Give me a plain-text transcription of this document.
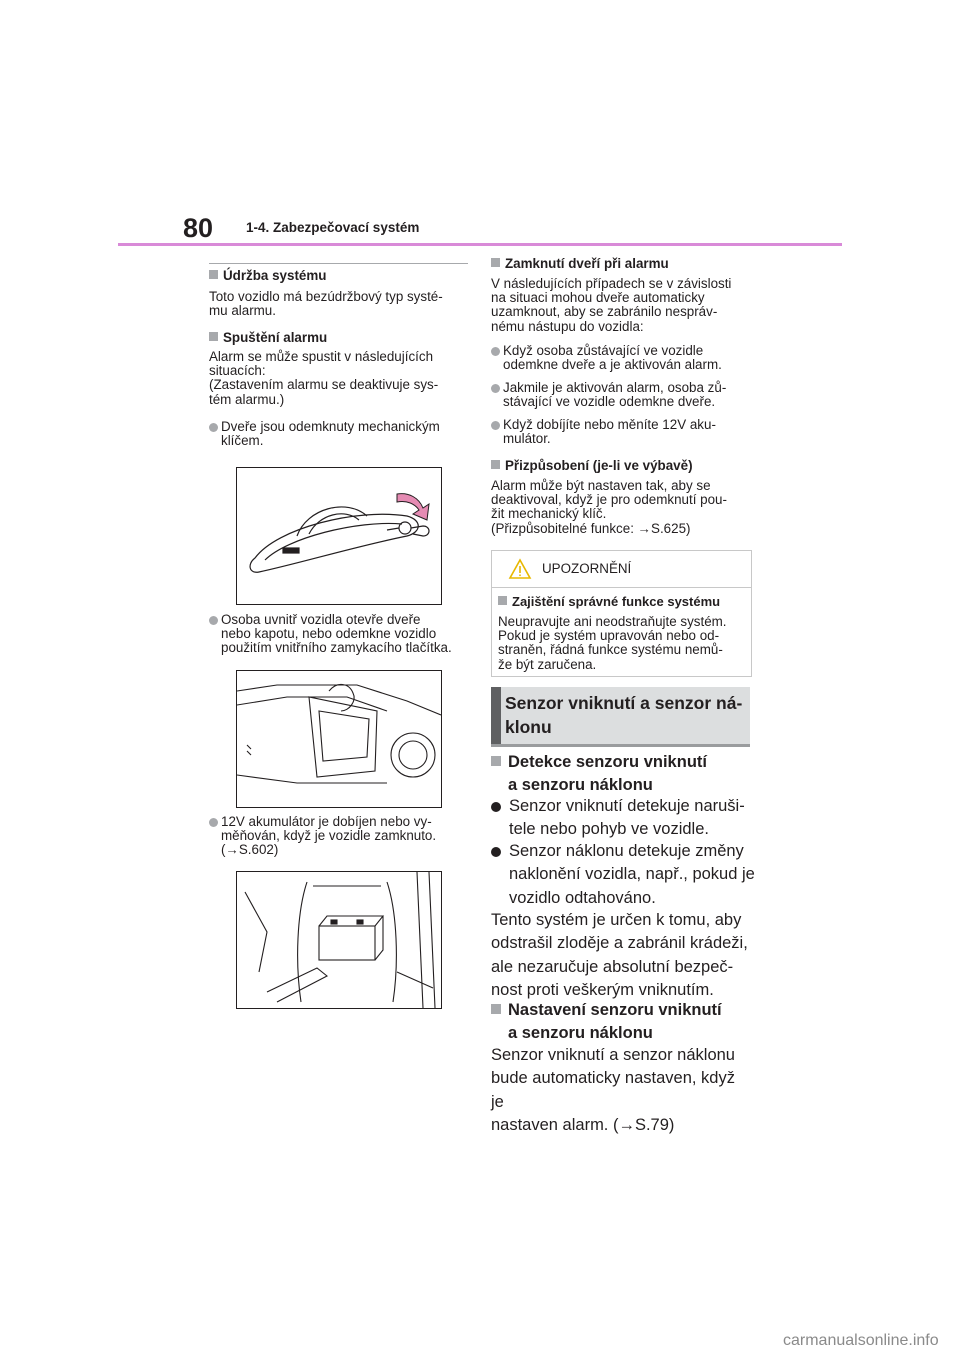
80 1-4. Zabezpečovací systém
Údržba systému
Toto vozidlo má bezúdržbový typ systé-
mu alarmu.
Spuštění alarmu
Alarm se může spustit v následujících
situacích:
(Zastavením alarmu se deaktivuje sys-
tém alarmu.)
Dveře jsou odemknuty mechanickým
klíčem.
Osoba uvnitř vozidla otevře dveře
nebo kapotu, nebo odemkne vozidlo
použitím vnitřního zamykacího tlačítka.
12V akumulátor je dobíjen nebo vy-
měňován, když je vozidle zamknuto.
(→S.602)
Zamknutí dveří při alarmu
V následujících případech se v závislosti
na situaci mohou dveře automaticky
uzamknout, aby se zabránilo nespráv-
nému nástupu do vozidla:
Když osoba zůstávající ve vozidle
odemkne dveře a je aktivován alarm.
Jakmile je aktivován alarm, osoba zů-
stávající ve vozidle odemkne dveře.
Když dobíjíte nebo měníte 12V aku-
mulátor.
Přizpůsobení (je-li ve výbavě)
Alarm může být nastaven tak, aby se
deaktivoval, když je pro odemknutí pou-
žit mechanický klíč.
(Přizpůsobitelné funkce: →S.625)
UPOZORNĚNÍ
Zajištění správné funkce systému
Neupravujte ani neodstraňujte systém.
Pokud je systém upravován nebo od-
straněn, řádná funkce systému nemů-
že být zaručena.
Senzor vniknutí a senzor ná-
klonu
Detekce senzoru vniknutí
a senzoru náklonu
Senzor vniknutí detekuje naruši-
tele nebo pohyb ve vozidle.
Senzor náklonu detekuje změny
naklonění vozidla, např., pokud je
vozidlo odtahováno.
Tento systém je určen k tomu, aby
odstrašil zloděje a zabránil krádeži,
ale nezaručuje absolutní bezpeč-
nost proti veškerým vniknutím.
Nastavení senzoru vniknutí
a senzoru náklonu
Senzor vniknutí a senzor náklonu
bude automaticky nastaven, když je
nastaven alarm. (→S.79)
carmanualsonline.info
